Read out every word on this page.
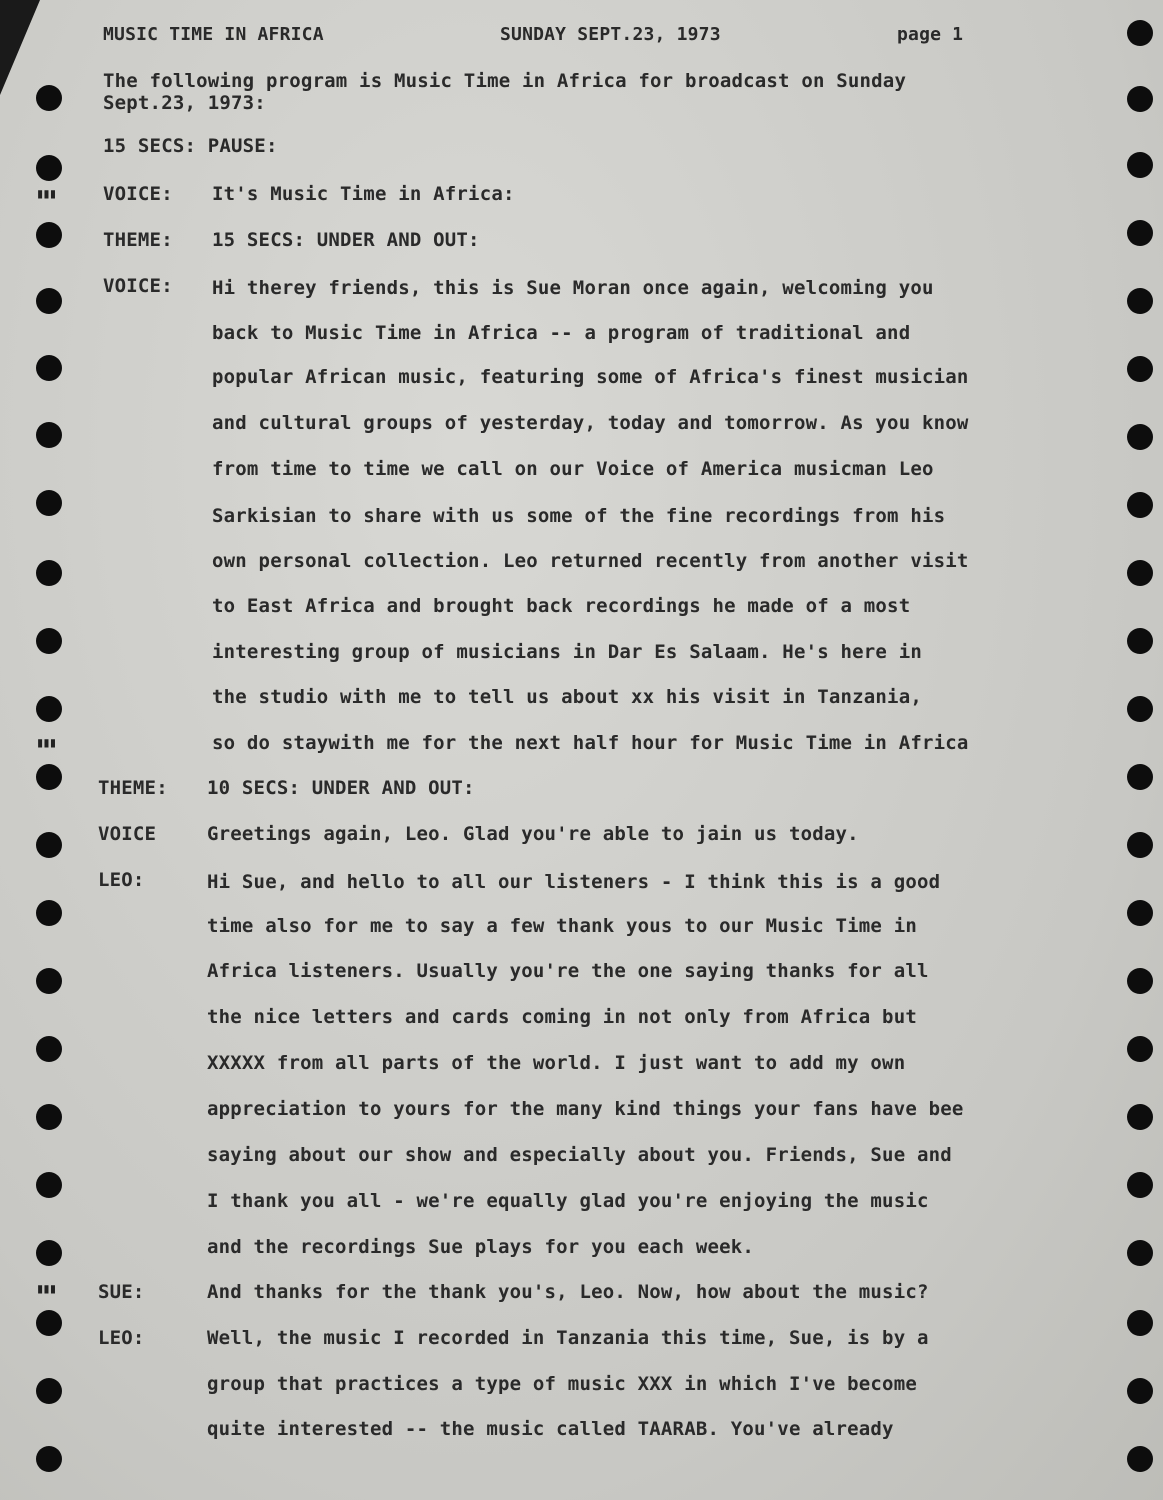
▮▮▮
▮▮▮
▮▮▮
MUSIC TIME IN AFRICA	SUNDAY SEPT.23, 1973	page 1
The following program is Music Time in Africa for broadcast on Sunday
Sept.23, 1973:
15 SECS: PAUSE:
VOICE: It's Music Time in Africa:
THEME: 15 SECS: UNDER AND OUT:
VOICE: Hi therey friends, this is Sue Moran once again, welcoming you
back to Music Time in Africa -- a program of traditional and
popular African music, featuring some of Africa's finest musician
and cultural groups of yesterday, today and tomorrow. As you know
from time to time we call on our Voice of America musicman Leo
Sarkisian to share with us some of the fine recordings from his
own personal collection. Leo returned recently from another visit
to East Africa and brought back recordings he made of a most
interesting group of musicians in Dar Es Salaam. He's here in
the studio with me to tell us about xx his visit in Tanzania,
so do staywith me for the next half hour for Music Time in Africa
THEME: 10 SECS: UNDER AND OUT:
VOICE	Greetings again, Leo. Glad you're able to jain us today.
LEO:	Hi Sue, and hello to all our listeners - I think this is a good
time also for me to say a few thank yous to our Music Time in
Africa listeners. Usually you're the one saying thanks for all
the nice letters and cards coming in not only from Africa but
XXXXX from all parts of the world. I just want to add my own
appreciation to yours for the many kind things your fans have bee
saying about our show and especially about you. Friends, Sue and
I thank you all - we're equally glad you're enjoying the music
and the recordings Sue plays for you each week.
SUE:	And thanks for the thank you's, Leo. Now, how about the music?
LEO:	Well, the music I recorded in Tanzania this time, Sue, is by a
group that practices a type of music XXX in which I've become
quite interested -- the music called TAARAB. You've already
